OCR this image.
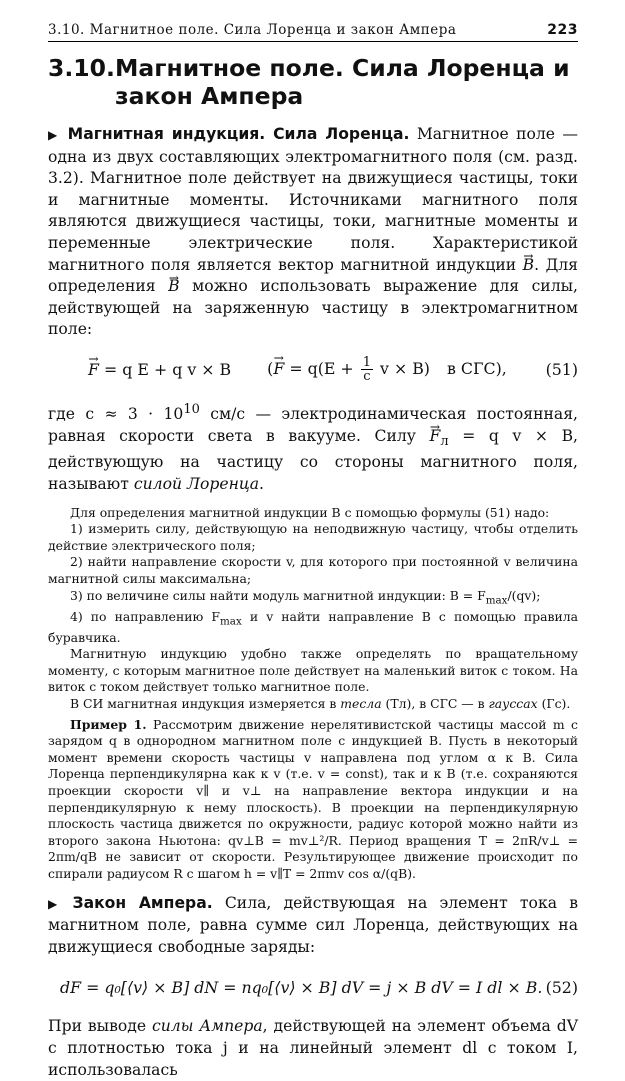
3.10. Магнитное поле. Сила Лоренца и закон Ампера	223
3.10. Магнитное поле. Сила Лоренца и закон Ампера

▶ Магнитная индукция. Сила Лоренца. Магнитное поле — одна из двух составляющих электромагнитного поля (см. разд. 3.2). Магнитное поле действует на движущиеся частицы, токи и магнитные моменты. Источниками магнитного поля являются движущиеся частицы, токи, магнитные моменты и переменные электрические поля. Характеристикой магнитного поля является вектор магнитной индукции → B. Для определения → B можно использовать выражение для силы, действующей на заряженную частицу в электромагнитном поле:

→ F = q E + q v × B (→ $F = q(E + \frac{1}{c}$ v × B) в СГС), (51)

где $c \approx 3 \cdot 10^{10}$ см/с — электродинамическая постоянная, равная скорости света в вакууме. Силу → $F_л = q$ v × B, действующую на частицу со стороны магнитного поля, называют силой Лоренца.

Для определения магнитной индукции B с помощью формулы (51) надо:

1) измерить силу, действующую на неподвижную частицу, чтобы отделить действие электрического поля;

2) найти направление скорости v, для которого при постоянной v величина магнитной силы максимальна;

3) по величине силы найти модуль магнитной индукции: $B = F_{max}/(qv)$;

4) по направлению $F_{max}$ и v найти направление B с помощью правила буравчика.

Магнитную индукцию удобно также определять по вращательному моменту, с которым магнитное поле действует на маленький виток с током. На виток с током действует только магнитное поле.

В СИ магнитная индукция измеряется в тесла (Тл), в СГС — в гауссах (Гс).

Пример 1. Рассмотрим движение нерелятивистской частицы массой m с зарядом q в однородном магнитном поле с индукцией B. Пусть в некоторый момент времени скорость частицы v направлена под углом α к B. Сила Лоренца перпендикулярна как к v (т.е. v = const), так и к B (т.е. сохраняются проекции скорости v∥ и v⊥ на направление вектора индукции и на перпендикулярную к нему плоскость). В проекции на перпендикулярную плоскость частица движется по окружности, радиус которой можно найти из второго закона Ньютона: qv⊥B = mv⊥²/R. Период вращения T = 2πR/v⊥ = 2πm/qB не зависит от скорости. Результирующее движение происходит по спирали радиусом R с шагом h = v∥T = 2πmv cos α/(qB).

▶ Закон Ампера. Сила, действующая на элемент тока в магнитном поле, равна сумме сил Лоренца, действующих на движущиеся свободные заряды:

dF = q₀[⟨v⟩ × B] dN = nq₀[⟨v⟩ × B] dV = j × B dV = I dl × B. (52)

При выводе силы Ампера, действующей на элемент объема dV с плотностью тока j и на линейный элемент dl с током I, использовалась
